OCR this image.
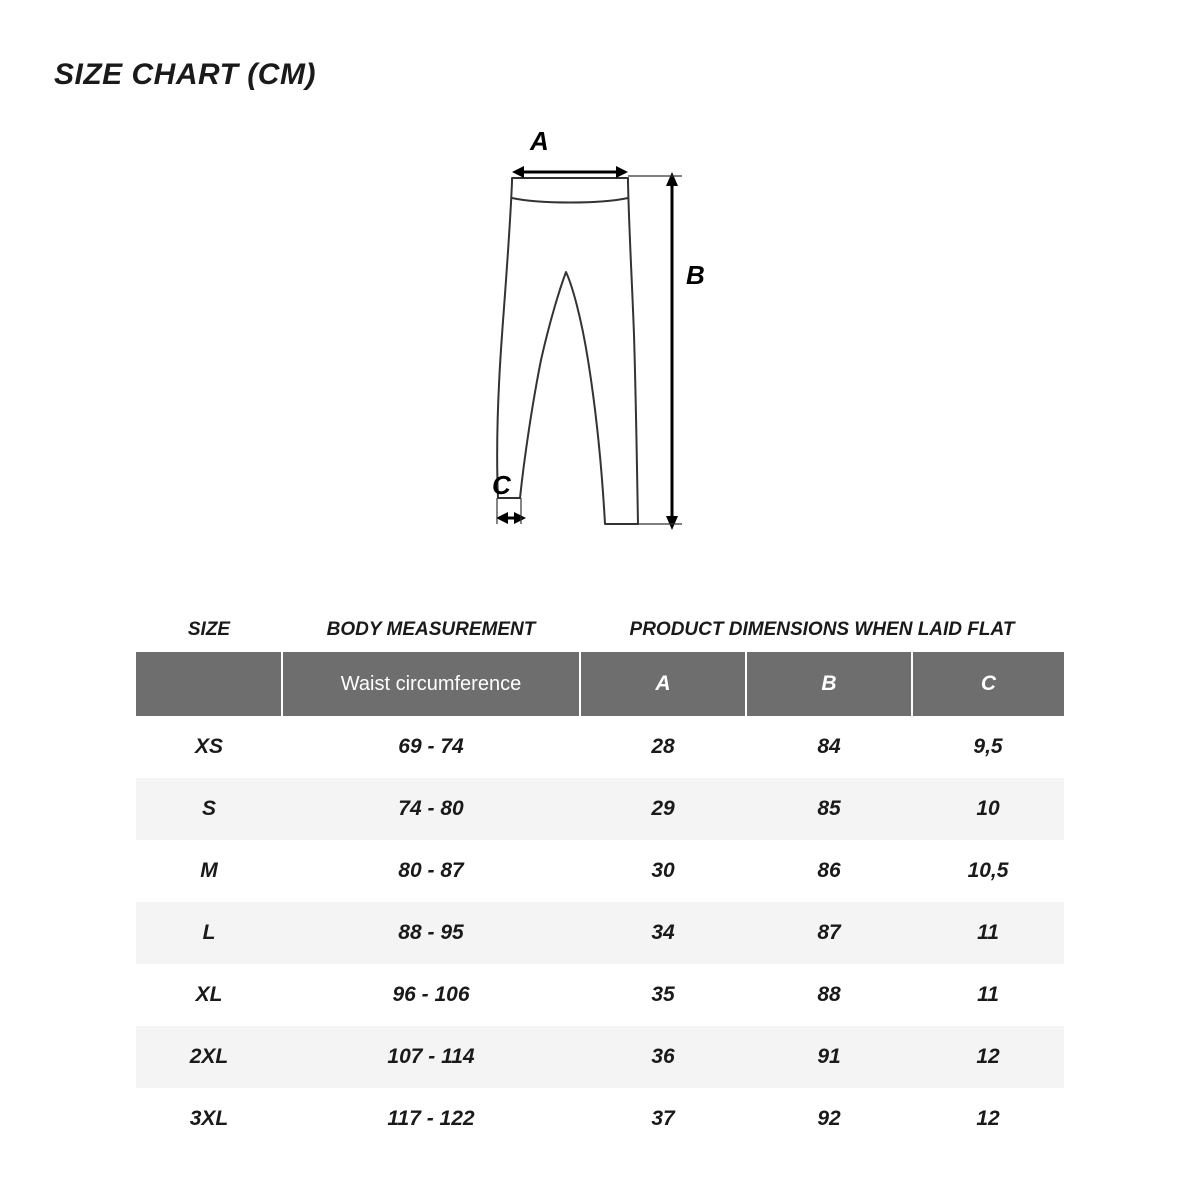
SIZE CHART (CM)
A
B
C
SIZE	BODY MEASUREMENT	PRODUCT DIMENSIONS WHEN LAID FLAT
	Waist circumference	A	B	C
XS	69 - 74	28	84	9,5
S	74 - 80	29	85	10
M	80 - 87	30	86	10,5
L	88 - 95	34	87	11
XL	96 - 106	35	88	11
2XL	107 - 114	36	91	12
3XL	117 - 122	37	92	12
